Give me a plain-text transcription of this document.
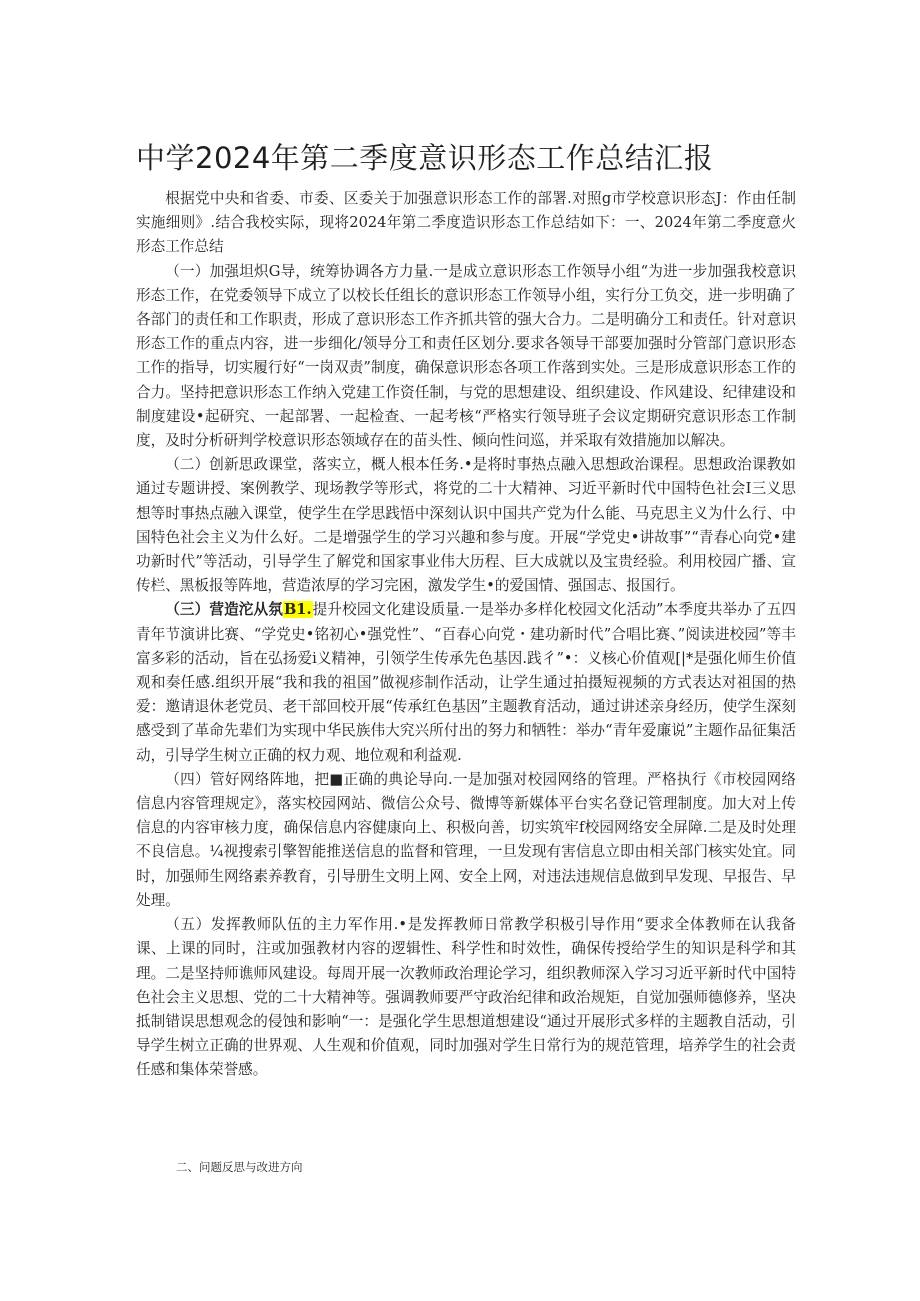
中学2024年第二季度意识形态工作总结汇报

根据党中央和省委、市委、区委关于加强意识形态工作的部署.对照g市学校意识形态J：作由任制实施细则》.结合我校实际，现将2024年第二季度造识形态工作总结如下：一、2024年第二季度意火形态工作总结

（一）加强坦炽G导，统筹协调各方力量.一是成立意识形态工作领导小组“为进一步加强我校意识形态工作，在党委领导下成立了以校长任组长的意识形态工作领导小组，实行分工负交，进一步明确了各部门的责任和工作职责，形成了意识形态工作齐抓共管的强大合力。二是明确分工和责任。针对意识形态工作的重点内容，进一步细化/领导分工和责任区划分.要求各领导干部要加强时分管部门意识形态工作的指导，切实履行好“一岗双责”制度，确保意识形态各项工作落到实处。三是形成意识形态工作的合力。坚持把意识形态工作纳入党建工作资任制，与党的思想建设、组织建设、作风建设、纪律建设和制度建设•起研究、一起部署、一起检查、一起考核“严格实行领导班子会议定期研究意识形态工作制度，及时分析研判学校意识形态领域存在的苗头性、倾向性问巡，并采取有效措施加以解决。

（二）创新思政课堂，落实立，概人根本任务.•是将时事热点融入思想政治课程。思想政治课教如通过专题讲授、案例教学、现场教学等形式，将党的二十大精神、习近平新时代中国特色社会I三义思想等时事热点融入课堂，使学生在学思践悟中深刻认识中国共产党为什么能、马克思主义为什么行、中国特色社会主义为什么好。二是增强学生的学习兴趣和参与度。开展“学党史•讲故事”“青春心向党•建功新时代”等活动，引导学生了解党和国家事业伟大历程、巨大成就以及宝贵经验。利用校园广播、宣传栏、黑板报等阵地，营造浓厚的学习完困，激发学生•的爱国情、强国志、报国行。

（三）营造沱从氛B1.提升校园文化建设质量.一是举办多样化校园文化活动”本季度共举办了五四青年节演讲比赛、“学党史•铭初心•强党性”、“百春心向党・建功新时代”合唱比赛、”阅读进校园”等丰富多彩的活动，旨在弘扬爱i义精神，引领学生传承先色基因.践彳”•：义核心价值观[|*是强化师生价值观和奏任感.组织开展“我和我的祖国”做视疹制作活动，让学生通过拍摄短视频的方式表达对祖国的热爱：邀请退休老党员、老干部回校开展“传承红色基因”主题教育活动，通过讲述亲身经历，使学生深刻感受到了革命先辈们为实现中华民族伟大究兴所付出的努力和牺牲：举办“青年爱廉说”主题作品征集活动，引导学生树立正确的权力观、地位观和利益观.

（四）管好网络阵地，把■正确的典论导向.一是加强对校园网络的管理。严格执行《市校园网络信息内容管理规定》，落实校园网站、微信公众号、微博等新媒体平台实名登记管理制度。加大对上传信息的内容审核力度，确保信息内容健康向上、积极向善，切实筑牢f校园网络安全屏障.二是及时处理不良信息。¼视搜索引擎智能推送信息的监督和管理，一旦发现有害信息立即由相关部门核实处宜。同时，加强师生网络素养教育，引导册生文明上网、安全上网，对违法违规信息做到早发现、早报告、早处理。

（五）发挥教师队伍的主力军作用.•是发挥教师日常教学积极引导作用“要求全体教师在认我备课、上课的同时，注或加强教材内容的逻辑性、科学性和时效性，确保传授给学生的知识是科学和其理。二是坚持师谯师风建设。每周开展一次教师政治理论学习，组织教师深入学习习近平新时代中国特色社会主义思想、党的二十大精神等。强调教师要严守政治纪律和政治规矩，自觉加强师德修养，坚决抵制错误思想观念的侵蚀和影响“一：是强化学生思想道想建设“通过开展形式多样的主题教自活动，引导学生树立正确的世界观、人生观和价值观，同时加强对学生日常行为的规范管理，培养学生的社会责任感和集体荣誉感。

二、问题反思与改进方向
